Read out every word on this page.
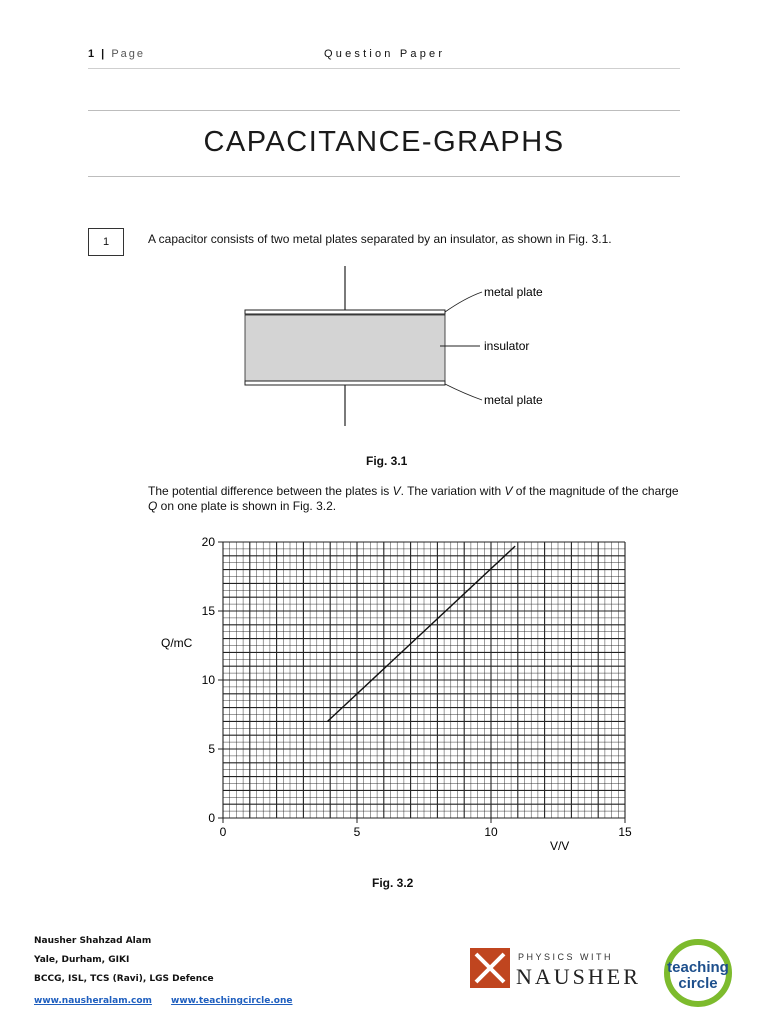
1 | Page	Question Paper
CAPACITANCE-GRAPHS
1	A capacitor consists of two metal plates separated by an insulator, as shown in Fig. 3.1.
metal plate
insulator
metal plate
Fig. 3.1
The potential difference between the plates is V. The variation with V of the magnitude of the charge Q on one plate is shown in Fig. 3.2.
0	5	10	15
0
5
10
15
20
Q/mC
V/V
Fig. 3.2
Nausher Shahzad Alam
Yale, Durham, GIKI
BCCG, ISL, TCS (Ravi), LGS Defence
www.nausheralam.com www.teachingcircle.one
PHYSICS WITH
NAUSHER teaching
circle
